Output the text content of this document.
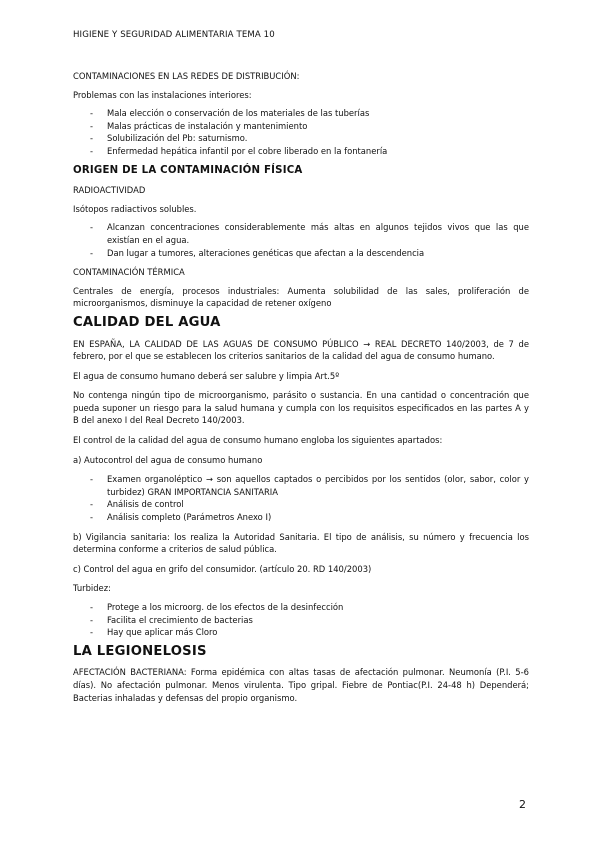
HIGIENE Y SEGURIDAD ALIMENTARIA TEMA 10

CONTAMINACIONES EN LAS REDES DE DISTRIBUCIÓN:

Problemas con las instalaciones interiores:

- Mala elección o conservación de los materiales de las tuberías
- Malas prácticas de instalación y mantenimiento
- Solubilización del Pb: saturnismo.
- Enfermedad hepática infantil por el cobre liberado en la fontanería
ORIGEN DE LA CONTAMINACIÓN FÍSICA

RADIOACTIVIDAD

Isótopos radiactivos solubles.

- Alcanzan concentraciones considerablemente más altas en algunos tejidos vivos que las que existían en el agua.
- Dan lugar a tumores, alteraciones genéticas que afectan a la descendencia

CONTAMINACIÓN TÉRMICA

Centrales de energía, procesos industriales: Aumenta solubilidad de las sales, proliferación de microorganismos, disminuye la capacidad de retener oxígeno

CALIDAD DEL AGUA

EN ESPAÑA, LA CALIDAD DE LAS AGUAS DE CONSUMO PÚBLICO → REAL DECRETO 140/2003, de 7 de febrero, por el que se establecen los criterios sanitarios de la calidad del agua de consumo humano.

El agua de consumo humano deberá ser salubre y limpia Art.5º

No contenga ningún tipo de microorganismo, parásito o sustancia. En una cantidad o concentración que pueda suponer un riesgo para la salud humana y cumpla con los requisitos especificados en las partes A y B del anexo I del Real Decreto 140/2003.

El control de la calidad del agua de consumo humano engloba los siguientes apartados:

a) Autocontrol del agua de consumo humano

- Examen organoléptico → son aquellos captados o percibidos por los sentidos (olor, sabor, color y turbidez) GRAN IMPORTANCIA SANITARIA
- Análisis de control
- Análisis completo (Parámetros Anexo I)

b) Vigilancia sanitaria: los realiza la Autoridad Sanitaria. El tipo de análisis, su número y frecuencia los determina conforme a criterios de salud pública.

c) Control del agua en grifo del consumidor. (artículo 20. RD 140/2003)

Turbidez:

- Protege a los microorg. de los efectos de la desinfección
- Facilita el crecimiento de bacterias
- Hay que aplicar más Cloro
LA LEGIONELOSIS

AFECTACIÓN BACTERIANA: Forma epidémica con altas tasas de afectación pulmonar. Neumonía (P.I. 5-6 días). No afectación pulmonar. Menos virulenta. Tipo gripal. Fiebre de Pontiac(P.I. 24-48 h) Dependerá; Bacterias inhaladas y defensas del propio organismo.

2
